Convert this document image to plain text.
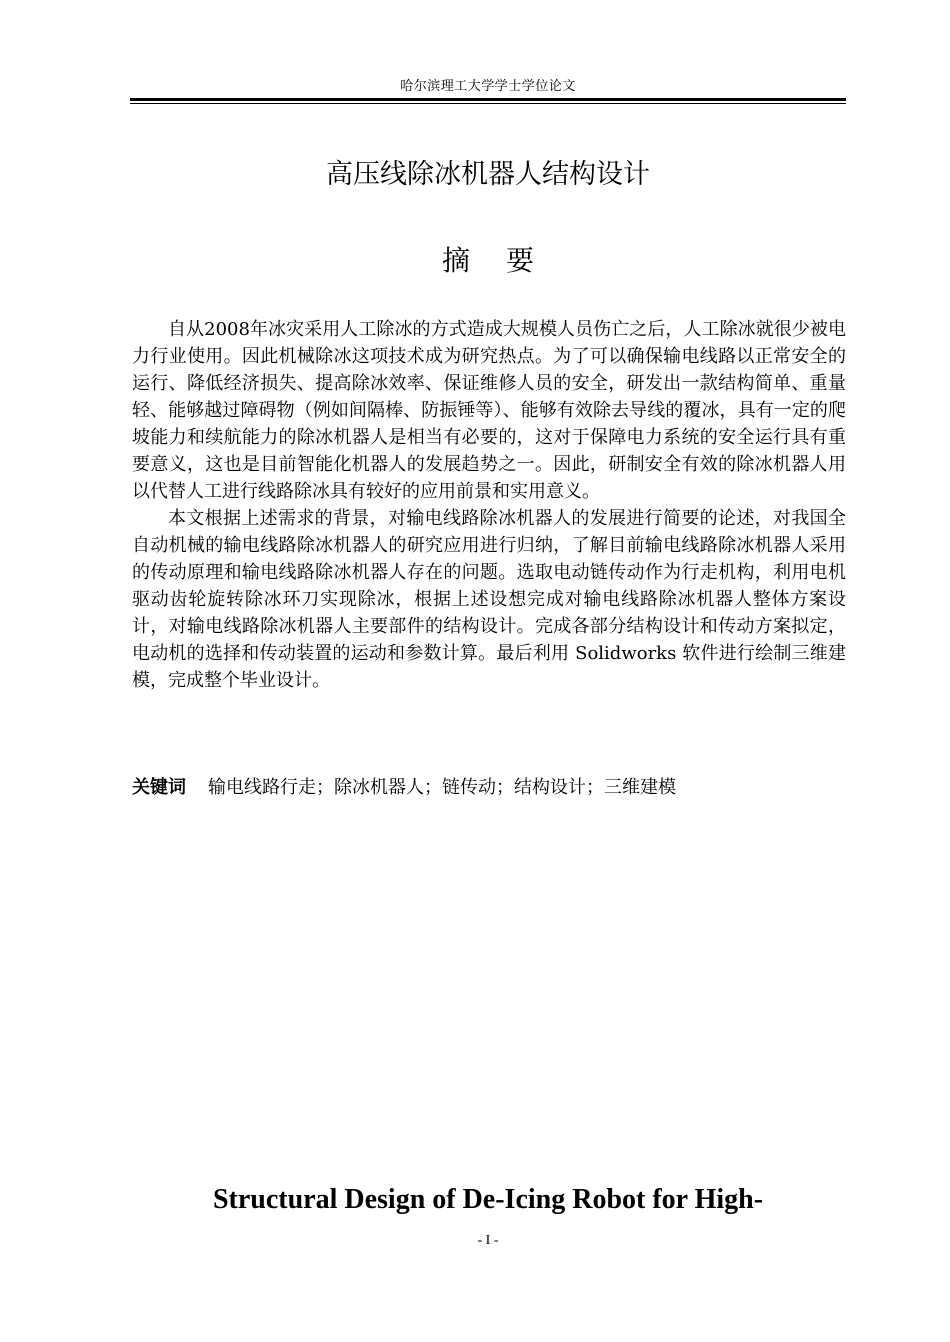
哈尔滨理工大学学士学位论文
高压线除冰机器人结构设计
摘 要

自从2008年冰灾采用人工除冰的方式造成大规模人员伤亡之后，人工除冰就很少被电力行业使用。因此机械除冰这项技术成为研究热点。为了可以确保输电线路以正常安全的运行、降低经济损失、提高除冰效率、保证维修人员的安全，研发出一款结构简单、重量轻、能够越过障碍物（例如间隔棒、防振锤等）、能够有效除去导线的覆冰，具有一定的爬坡能力和续航能力的除冰机器人是相当有必要的，这对于保障电力系统的安全运行具有重要意义，这也是目前智能化机器人的发展趋势之一。因此，研制安全有效的除冰机器人用以代替人工进行线路除冰具有较好的应用前景和实用意义。

本文根据上述需求的背景，对输电线路除冰机器人的发展进行简要的论述，对我国全自动机械的输电线路除冰机器人的研究应用进行归纳，了解目前输电线路除冰机器人采用的传动原理和输电线路除冰机器人存在的问题。选取电动链传动作为行走机构，利用电机驱动齿轮旋转除冰环刀实现除冰，根据上述设想完成对输电线路除冰机器人整体方案设计，对输电线路除冰机器人主要部件的结构设计。完成各部分结构设计和传动方案拟定，电动机的选择和传动装置的运动和参数计算。最后利用 Solidworks 软件进行绘制三维建模，完成整个毕业设计。

关键词 输电线路行走；除冰机器人；链传动；结构设计；三维建模
Structural Design of De-Icing Robot for High-
- I -
